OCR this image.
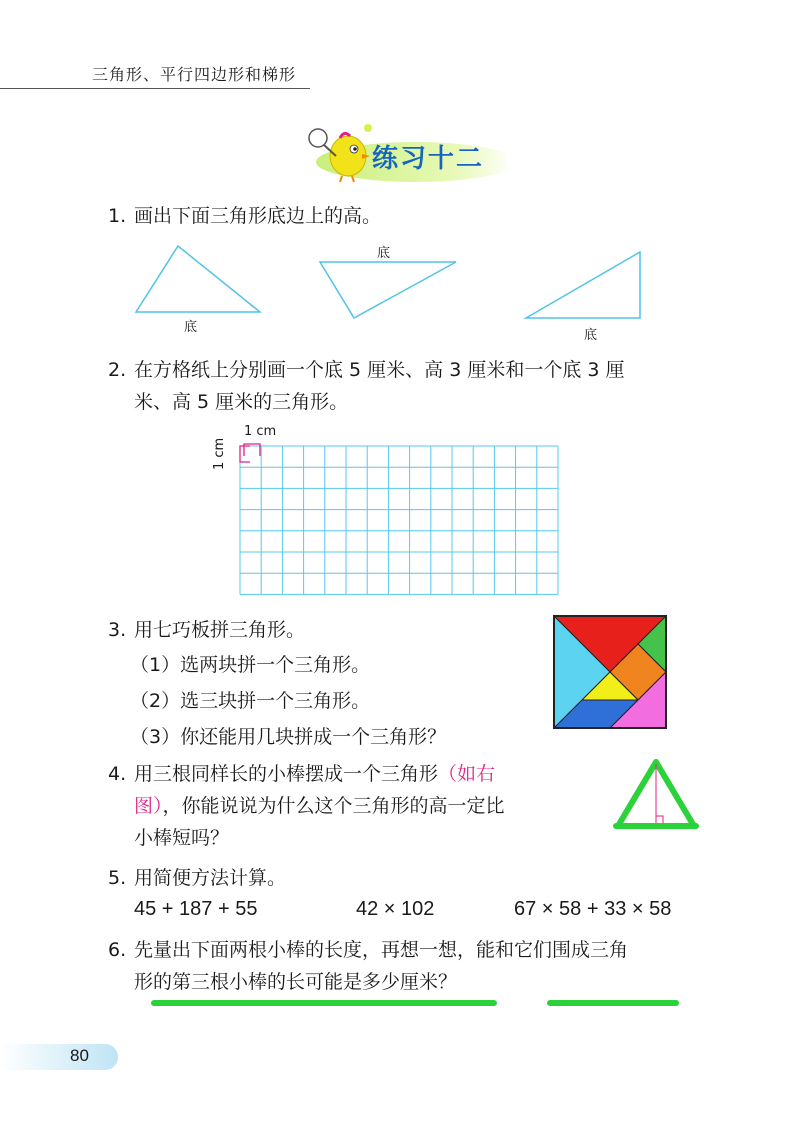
三角形、平行四边形和梯形
练习十二
1. 画出下面三角形底边上的高。
底
底
底
2. 在方格纸上分别画一个底 5 厘米、高 3 厘米和一个底 3 厘
米、高 5 厘米的三角形。
1 cm
1 cm
3. 用七巧板拼三角形。
（1）选两块拼一个三角形。
（2）选三块拼一个三角形。
（3）你还能用几块拼成一个三角形？
4. 用三根同样长的小棒摆成一个三角形（如右
图），你能说说为什么这个三角形的高一定比
小棒短吗？
5. 用简便方法计算。
45 + 187 + 55	42 × 102	67 × 58 + 33 × 58
6. 先量出下面两根小棒的长度，再想一想，能和它们围成三角
形的第三根小棒的长可能是多少厘米？
80
